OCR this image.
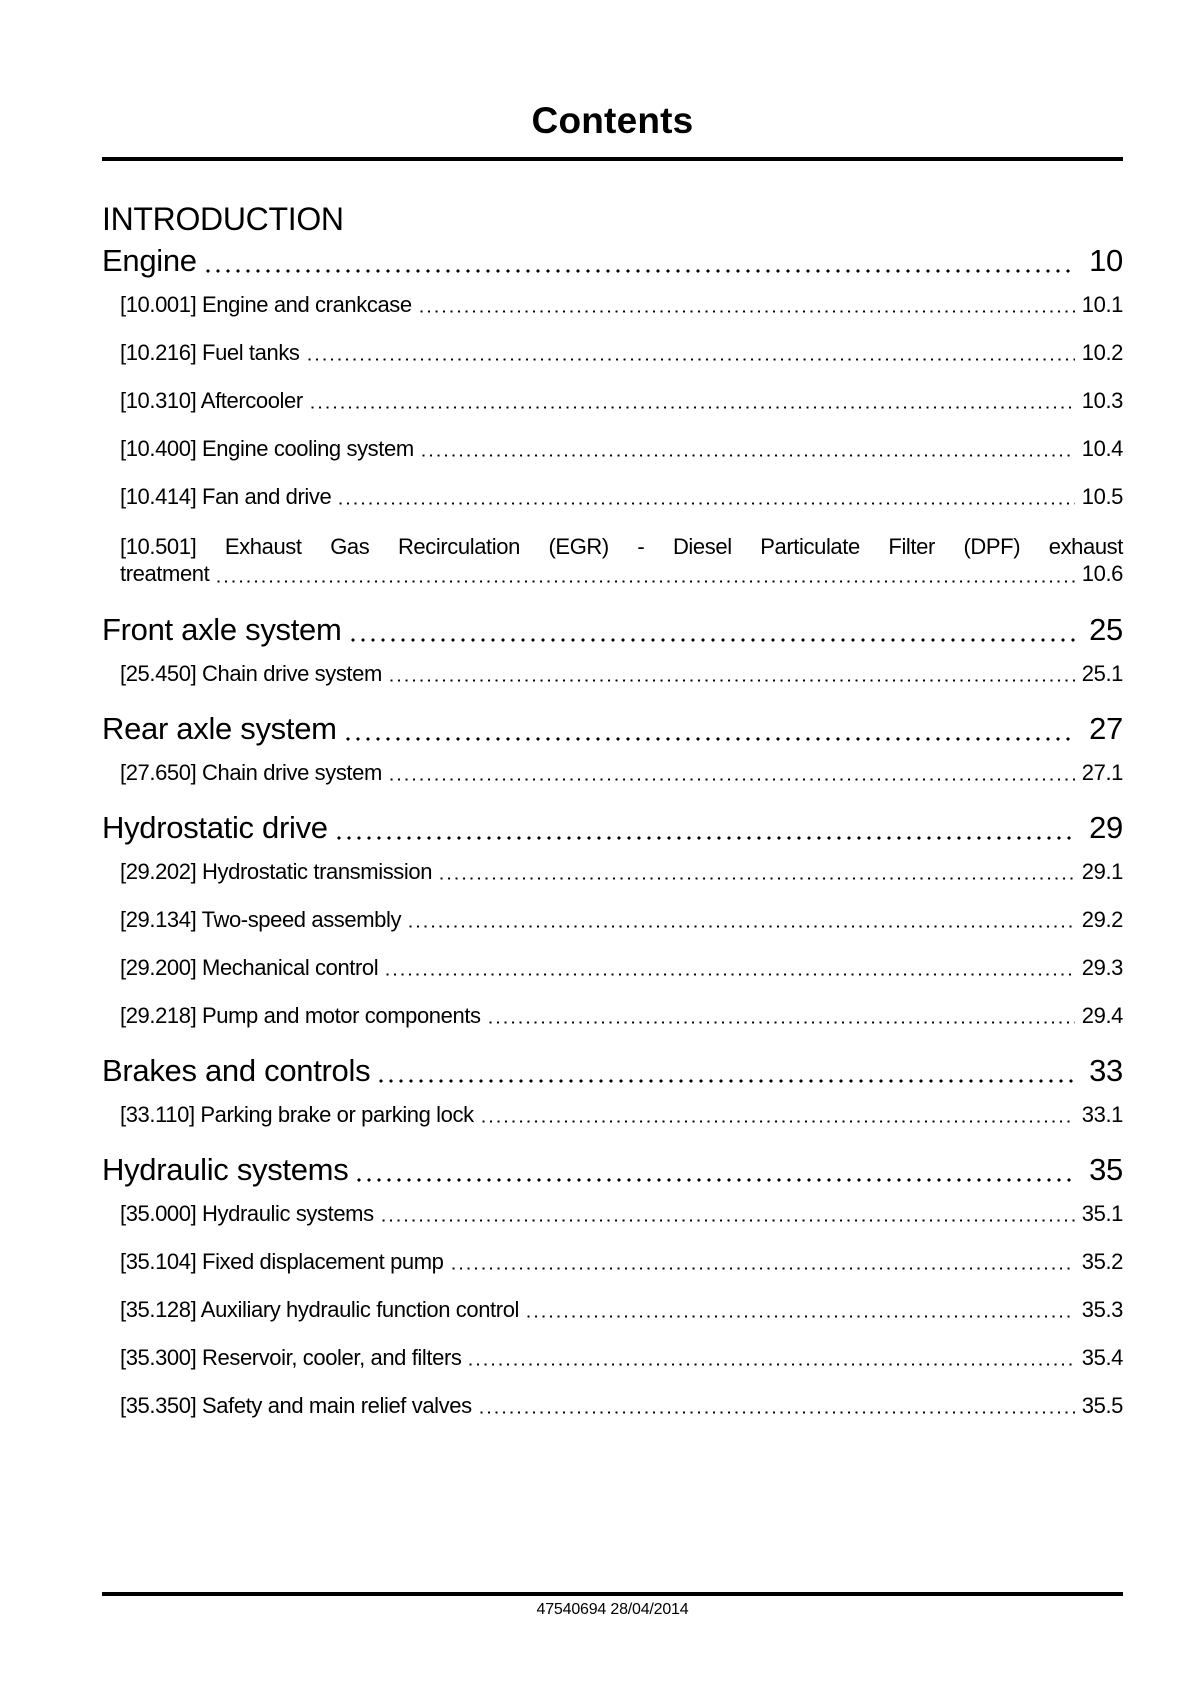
Contents
INTRODUCTION
Engine	10
[10.001] Engine and crankcase	10.1
[10.216] Fuel tanks	10.2
[10.310] Aftercooler	10.3
[10.400] Engine cooling system	10.4
[10.414] Fan and drive	10.5
[10.501] Exhaust Gas Recirculation (EGR) - Diesel Particulate Filter (DPF) exhaust
treatment	10.6
Front axle system	25
[25.450] Chain drive system	25.1
Rear axle system	27
[27.650] Chain drive system	27.1
Hydrostatic drive	29
[29.202] Hydrostatic transmission	29.1
[29.134] Two-speed assembly	29.2
[29.200] Mechanical control	29.3
[29.218] Pump and motor components	29.4
Brakes and controls	33
[33.110] Parking brake or parking lock	33.1
Hydraulic systems	35
[35.000] Hydraulic systems	35.1
[35.104] Fixed displacement pump	35.2
[35.128] Auxiliary hydraulic function control	35.3
[35.300] Reservoir, cooler, and filters	35.4
[35.350] Safety and main relief valves	35.5
47540694 28/04/2014
